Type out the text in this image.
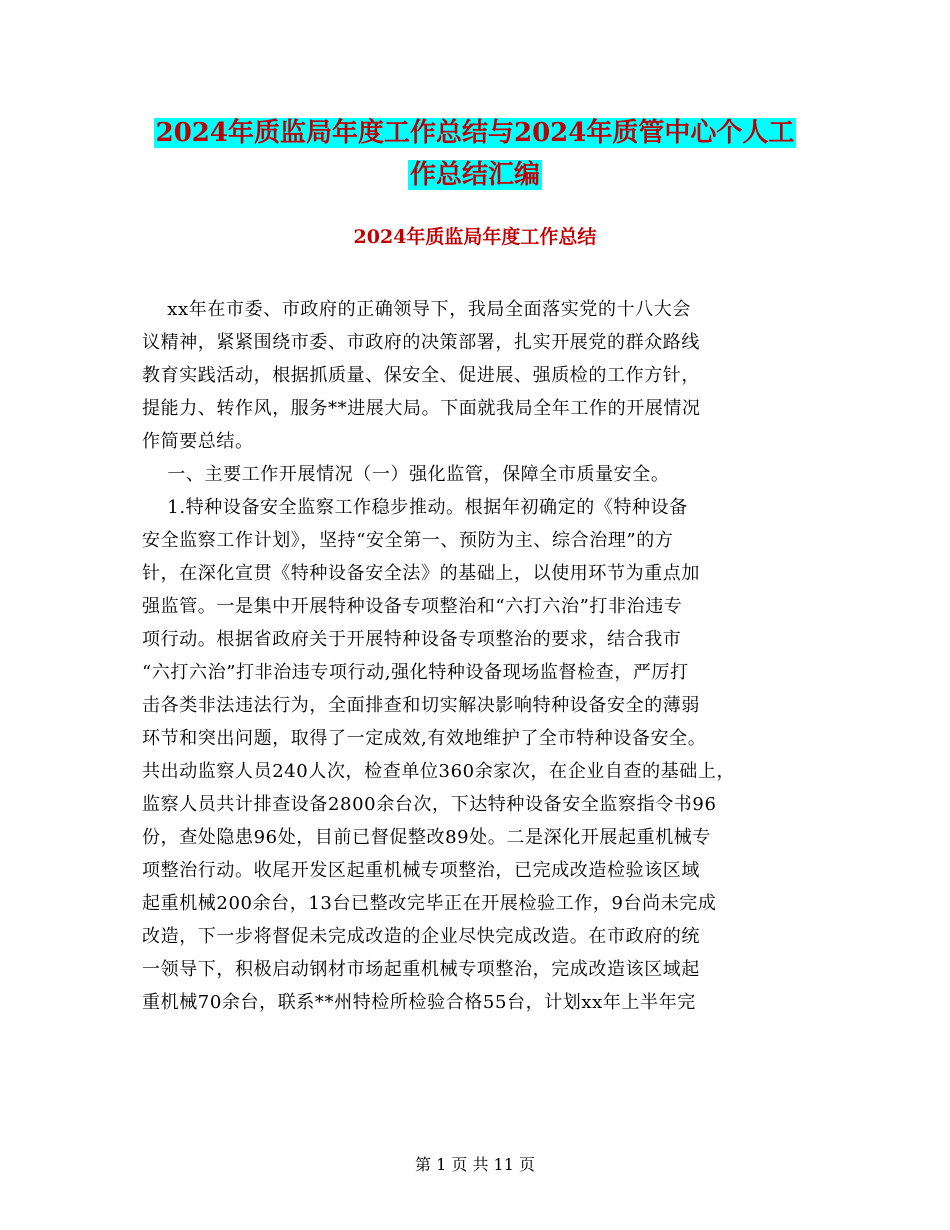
2024年质监局年度工作总结与2024年质管中心个人工
作总结汇编
2024年质监局年度工作总结
xx年在市委、市政府的正确领导下，我局全面落实党的十八大会
议精神，紧紧围绕市委、市政府的决策部署，扎实开展党的群众路线
教育实践活动，根据抓质量、保安全、促进展、强质检的工作方针，
提能力、转作风，服务**进展大局。下面就我局全年工作的开展情况
作简要总结。
一、主要工作开展情况（一）强化监管，保障全市质量安全。
1.特种设备安全监察工作稳步推动。根据年初确定的《特种设备
安全监察工作计划》，坚持“安全第一、预防为主、综合治理”的方
针，在深化宣贯《特种设备安全法》的基础上，以使用环节为重点加
强监管。一是集中开展特种设备专项整治和“六打六治”打非治违专
项行动。根据省政府关于开展特种设备专项整治的要求，结合我市
“六打六治”打非治违专项行动,强化特种设备现场监督检查，严厉打
击各类非法违法行为，全面排查和切实解决影响特种设备安全的薄弱
环节和突出问题，取得了一定成效,有效地维护了全市特种设备安全。
共出动监察人员240人次，检查单位360余家次，在企业自查的基础上，
监察人员共计排查设备2800余台次，下达特种设备安全监察指令书96
份，查处隐患96处，目前已督促整改89处。二是深化开展起重机械专
项整治行动。收尾开发区起重机械专项整治，已完成改造检验该区域
起重机械200余台，13台已整改完毕正在开展检验工作，9台尚未完成
改造，下一步将督促未完成改造的企业尽快完成改造。在市政府的统
一领导下，积极启动钢材市场起重机械专项整治，完成改造该区域起
重机械70余台，联系**州特检所检验合格55台，计划xx年上半年完
第 1 页 共 11 页
